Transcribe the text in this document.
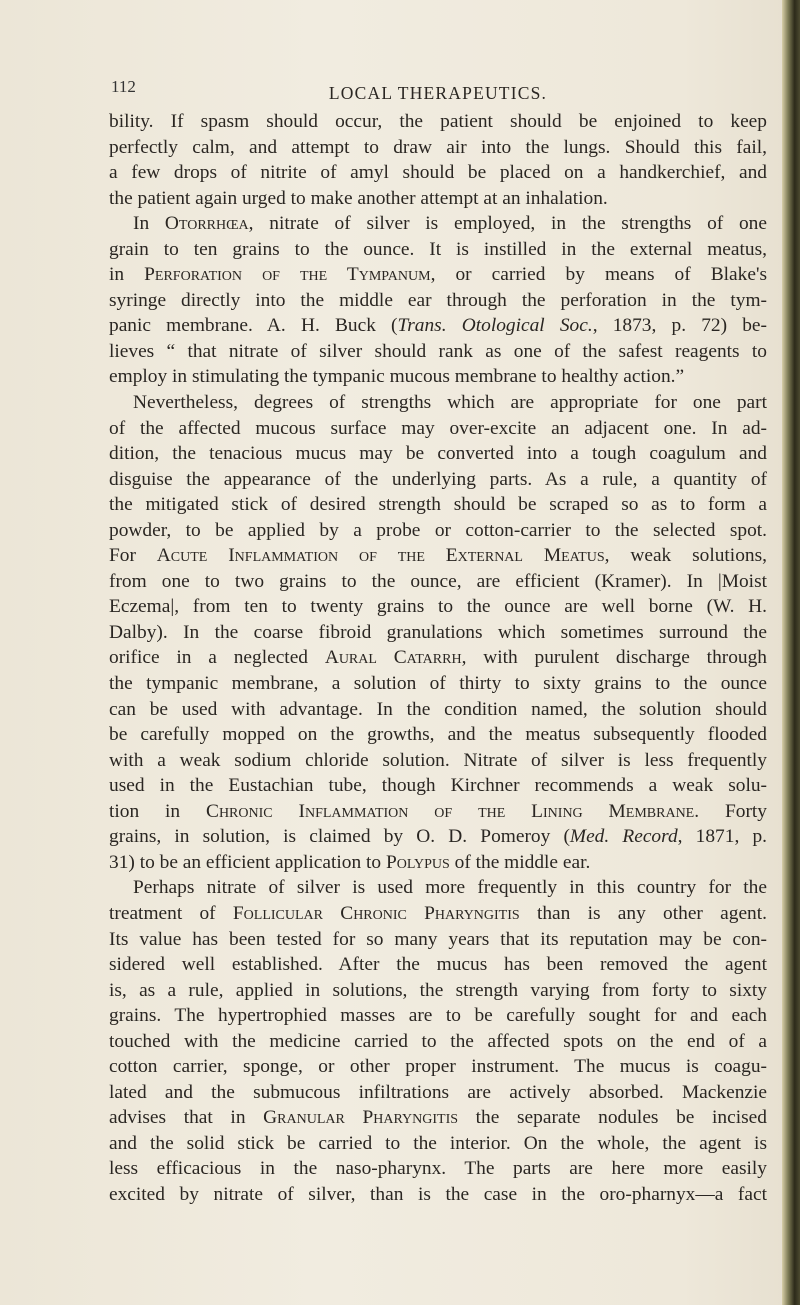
112	LOCAL THERAPEUTICS.

bility. If spasm should occur, the patient should be enjoined to keep
perfectly calm, and attempt to draw air into the lungs. Should this fail,
a few drops of nitrite of amyl should be placed on a handkerchief, and
the patient again urged to make another attempt at an inhalation.

In Otorrhœa, nitrate of silver is employed, in the strengths of one
grain to ten grains to the ounce. It is instilled in the external meatus,
in Perforation of the Tympanum, or carried by means of Blake's
syringe directly into the middle ear through the perforation in the tym-
panic membrane. A. H. Buck (Trans. Otological Soc., 1873, p. 72) be-
lieves “ that nitrate of silver should rank as one of the safest reagents to
employ in stimulating the tympanic mucous membrane to healthy action.”

Nevertheless, degrees of strengths which are appropriate for one part
of the affected mucous surface may over-excite an adjacent one. In ad-
dition, the tenacious mucus may be converted into a tough coagulum and
disguise the appearance of the underlying parts. As a rule, a quantity of
the mitigated stick of desired strength should be scraped so as to form a
powder, to be applied by a probe or cotton-carrier to the selected spot.
For Acute Inflammation of the External Meatus, weak solutions,
from one to two grains to the ounce, are efficient (Kramer). In |Moist
Eczema|, from ten to twenty grains to the ounce are well borne (W. H.
Dalby). In the coarse fibroid granulations which sometimes surround the
orifice in a neglected Aural Catarrh, with purulent discharge through
the tympanic membrane, a solution of thirty to sixty grains to the ounce
can be used with advantage. In the condition named, the solution should
be carefully mopped on the growths, and the meatus subsequently flooded
with a weak sodium chloride solution. Nitrate of silver is less frequently
used in the Eustachian tube, though Kirchner recommends a weak solu-
tion in Chronic Inflammation of the Lining Membrane. Forty
grains, in solution, is claimed by O. D. Pomeroy (Med. Record, 1871, p.
31) to be an efficient application to Polypus of the middle ear.

Perhaps nitrate of silver is used more frequently in this country for the
treatment of Follicular Chronic Pharyngitis than is any other agent.
Its value has been tested for so many years that its reputation may be con-
sidered well established. After the mucus has been removed the agent
is, as a rule, applied in solutions, the strength varying from forty to sixty
grains. The hypertrophied masses are to be carefully sought for and each
touched with the medicine carried to the affected spots on the end of a
cotton carrier, sponge, or other proper instrument. The mucus is coagu-
lated and the submucous infiltrations are actively absorbed. Mackenzie
advises that in Granular Pharyngitis the separate nodules be incised
and the solid stick be carried to the interior. On the whole, the agent is
less efficacious in the naso-pharynx. The parts are here more easily
excited by nitrate of silver, than is the case in the oro-pharnyx—a fact
